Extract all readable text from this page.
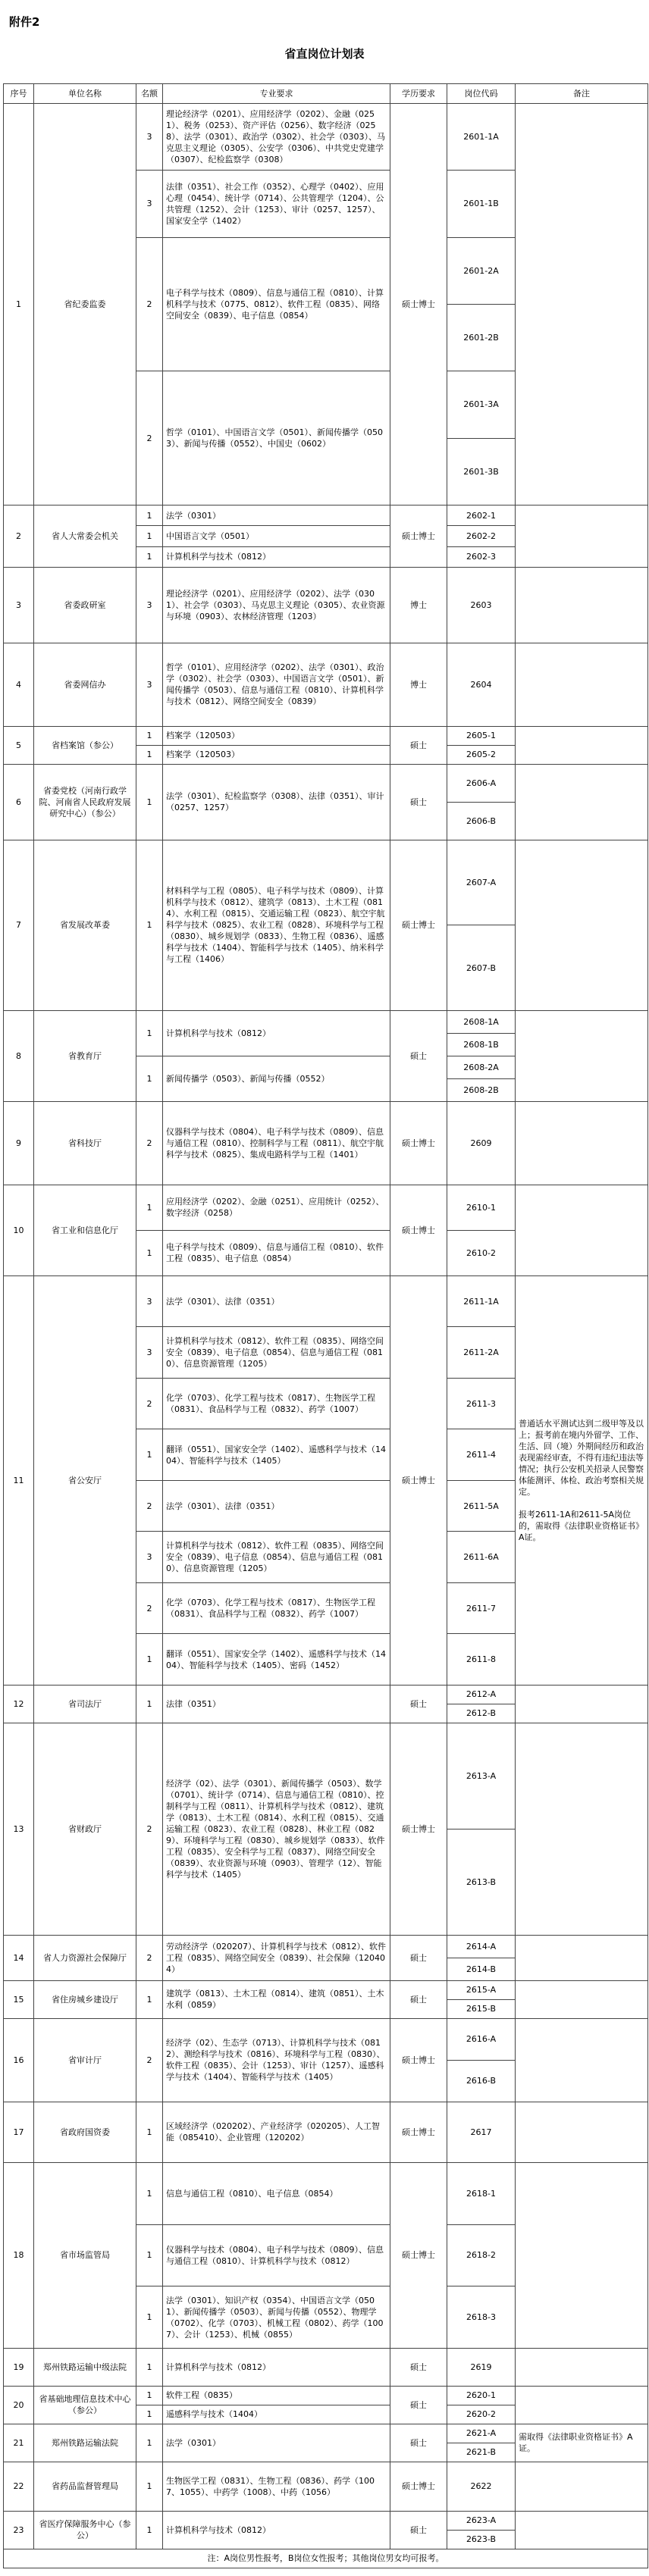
附件2
省直岗位计划表
序号	单位名称	名额	专业要求	学历要求	岗位代码	备注
1	省纪委监委	3	理论经济学（0201）、应用经济学（0202）、金融（0251）、税务（0253）、资产评估（0256）、数字经济（0258）、法学（0301）、政治学（0302）、社会学（0303）、马克思主义理论（0305）、公安学（0306）、中共党史党建学（0307）、纪检监察学（0308）	硕士博士	2601-1A	
		3	法律（0351）、社会工作（0352）、心理学（0402）、应用心理（0454）、统计学（0714）、公共管理学（1204）、公共管理（1252）、会计（1253）、审计（0257、1257）、国家安全学（1402）		2601-1B	
		2	电子科学与技术（0809）、信息与通信工程（0810）、计算机科学与技术（0775、0812）、软件工程（0835）、网络空间安全（0839）、电子信息（0854）		2601-2A	
					2601-2B	
		2	哲学（0101）、中国语言文学（0501）、新闻传播学（0503）、新闻与传播（0552）、中国史（0602）		2601-3A	
					2601-3B	
2	省人大常委会机关	1	法学（0301）	硕士博士	2602-1	
		1	中国语言文学（0501）		2602-2	
		1	计算机科学与技术（0812）		2602-3	
3	省委政研室	3	理论经济学（0201）、应用经济学（0202）、法学（0301）、社会学（0303）、马克思主义理论（0305）、农业资源与环境（0903）、农林经济管理（1203）	博士	2603	
4	省委网信办	3	哲学（0101）、应用经济学（0202）、法学（0301）、政治学（0302）、社会学（0303）、中国语言文学（0501）、新闻传播学（0503）、信息与通信工程（0810）、计算机科学与技术（0812）、网络空间安全（0839）	博士	2604	
5	省档案馆（参公）	1	档案学（120503）	硕士	2605-1	
		1	档案学（120503）		2605-2	
6	省委党校（河南行政学院、河南省人民政府发展研究中心）（参公）	1	法学（0301）、纪检监察学（0308）、法律（0351）、审计（0257、1257）	硕士	2606-A	
					2606-B	
7	省发展改革委	1	材料科学与工程（0805）、电子科学与技术（0809）、计算机科学与技术（0812）、建筑学（0813）、土木工程（0814）、水利工程（0815）、交通运输工程（0823）、航空宇航科学与技术（0825）、农业工程（0828）、环境科学与工程（0830）、城乡规划学（0833）、生物工程（0836）、遥感科学与技术（1404）、智能科学与技术（1405）、纳米科学与工程（1406）	硕士博士	2607-A	
					2607-B	
8	省教育厅	1	计算机科学与技术（0812）	硕士	2608-1A	
					2608-1B	
		1	新闻传播学（0503）、新闻与传播（0552）		2608-2A	
					2608-2B	
9	省科技厅	2	仪器科学与技术（0804）、电子科学与技术（0809）、信息与通信工程（0810）、控制科学与工程（0811）、航空宇航科学与技术（0825）、集成电路科学与工程（1401）	硕士博士	2609	
10	省工业和信息化厅	1	应用经济学（0202）、金融（0251）、应用统计（0252）、数字经济（0258）	硕士博士	2610-1	
		1	电子科学与技术（0809）、信息与通信工程（0810）、软件工程（0835）、电子信息（0854）		2610-2	
11	省公安厅	3	法学（0301）、法律（0351）	硕士博士	2611-1A	普通话水平测试达到二级甲等及以上；报考前在境内外留学、工作、生活、回（境）外期间经历和政治表现需经审查，不得有违纪违法等情况；执行公安机关招录人民警察体能测评、体检、政治考察相关规定。

报考2611-1A和2611-5A岗位的，需取得《法律职业资格证书》A证。
		3	计算机科学与技术（0812）、软件工程（0835）、网络空间安全（0839）、电子信息（0854）、信息与通信工程（0810）、信息资源管理（1205）		2611-2A	
		2	化学（0703）、化学工程与技术（0817）、生物医学工程（0831）、食品科学与工程（0832）、药学（1007）		2611-3	
		1	翻译（0551）、国家安全学（1402）、遥感科学与技术（1404）、智能科学与技术（1405）		2611-4	
		2	法学（0301）、法律（0351）		2611-5A	
		3	计算机科学与技术（0812）、软件工程（0835）、网络空间安全（0839）、电子信息（0854）、信息与通信工程（0810）、信息资源管理（1205）		2611-6A	
		2	化学（0703）、化学工程与技术（0817）、生物医学工程（0831）、食品科学与工程（0832）、药学（1007）		2611-7	
		1	翻译（0551）、国家安全学（1402）、遥感科学与技术（1404）、智能科学与技术（1405）、密码（1452）		2611-8	
12	省司法厅	1	法律（0351）	硕士	2612-A	
					2612-B	
13	省财政厅	2	经济学（02）、法学（0301）、新闻传播学（0503）、数学（0701）、统计学（0714）、信息与通信工程（0810）、控制科学与工程（0811）、计算机科学与技术（0812）、建筑学（0813）、土木工程（0814）、水利工程（0815）、交通运输工程（0823）、农业工程（0828）、林业工程（0829）、环境科学与工程（0830）、城乡规划学（0833）、软件工程（0835）、安全科学与工程（0837）、网络空间安全（0839）、农业资源与环境（0903）、管理学（12）、智能科学与技术（1405）	硕士博士	2613-A	
					2613-B	
14	省人力资源社会保障厅	2	劳动经济学（020207）、计算机科学与技术（0812）、软件工程（0835）、网络空间安全（0839）、社会保障（120404）	硕士	2614-A	
					2614-B	
15	省住房城乡建设厅	1	建筑学（0813）、土木工程（0814）、建筑（0851）、土木水利（0859）	硕士	2615-A	
					2615-B	
16	省审计厅	2	经济学（02）、生态学（0713）、计算机科学与技术（0812）、测绘科学与技术（0816）、环境科学与工程（0830）、软件工程（0835）、会计（1253）、审计（1257）、遥感科学与技术（1404）、智能科学与技术（1405）	硕士博士	2616-A	
					2616-B	
17	省政府国资委	1	区域经济学（020202）、产业经济学（020205）、人工智能（085410）、企业管理（120202）	硕士博士	2617	
18	省市场监管局	1	信息与通信工程（0810）、电子信息（0854）	硕士博士	2618-1	
		1	仪器科学与技术（0804）、电子科学与技术（0809）、信息与通信工程（0810）、计算机科学与技术（0812）		2618-2	
		1	法学（0301）、知识产权（0354）、中国语言文学（0501）、新闻传播学（0503）、新闻与传播（0552）、物理学（0702）、化学（0703）、机械工程（0802）、药学（1007）、会计（1253）、机械（0855）		2618-3	
19	郑州铁路运输中级法院	1	计算机科学与技术（0812）	硕士	2619	
20	省基础地理信息技术中心（参公）	1	软件工程（0835）	硕士	2620-1	
		1	遥感科学与技术（1404）		2620-2	
21	郑州铁路运输法院	1	法学（0301）	硕士	2621-A	需取得《法律职业资格证书》A证。
					2621-B	
22	省药品监督管理局	1	生物医学工程（0831）、生物工程（0836）、药学（1007、1055）、中药学（1008）、中药（1056）	硕士博士	2622	
23	省医疗保障服务中心（参公）	1	计算机科学与技术（0812）	硕士	2623-A	
					2623-B	
注：A岗位男性报考，B岗位女性报考；其他岗位男女均可报考。						
